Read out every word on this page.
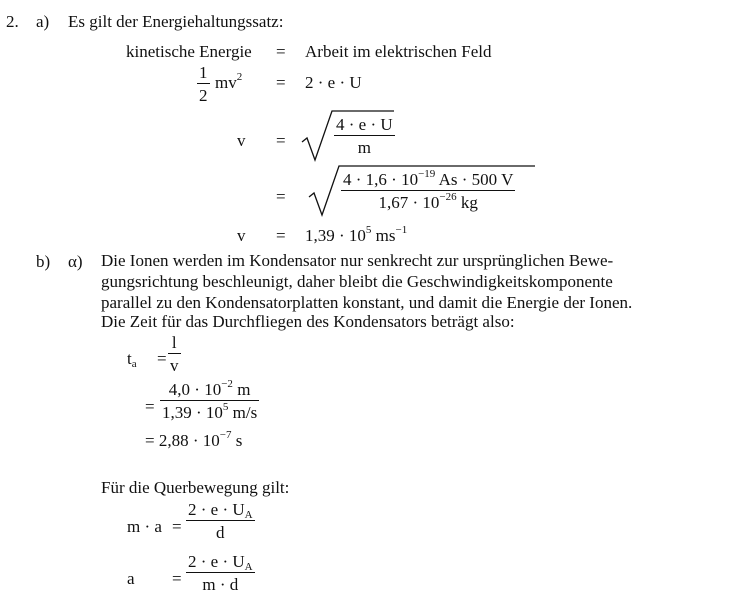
2. a) Es gilt der Energiehaltungssatz:
kinetische Energie = Arbeit im elektrischen Feld
1
2
$mv^2 = 2 \cdot e \cdot U$
v =
4 · e · U
m
=
$4 \cdot 1,6 \cdot 10^{-19}$ As · 500 V
$1,67 \cdot 10^{-26}$ kg
$v = 1,39 \cdot 10^5$ $ms^{-1}$
b) α) Die Ionen werden im Kondensator nur senkrecht zur ursprünglichen Bewe-
gungsrichtung beschleunigt, daher bleibt die Geschwindigkeitskomponente
parallel zu den Kondensatorplatten konstant, und damit die Energie der Ionen.
Die Zeit für das Durchfliegen des Kondensators beträgt also:
$t_a$ =
l
v
=
$4,0 \cdot 10^{-2}$ m
$1,39 \cdot 10^5$ m/s
= $2,88 \cdot 10^{-7}$ s
Für die Querbewegung gilt:
m · a =
$2 \cdot e \cdot U_A$
d
a =
$2 \cdot e \cdot U_A$
m · d
